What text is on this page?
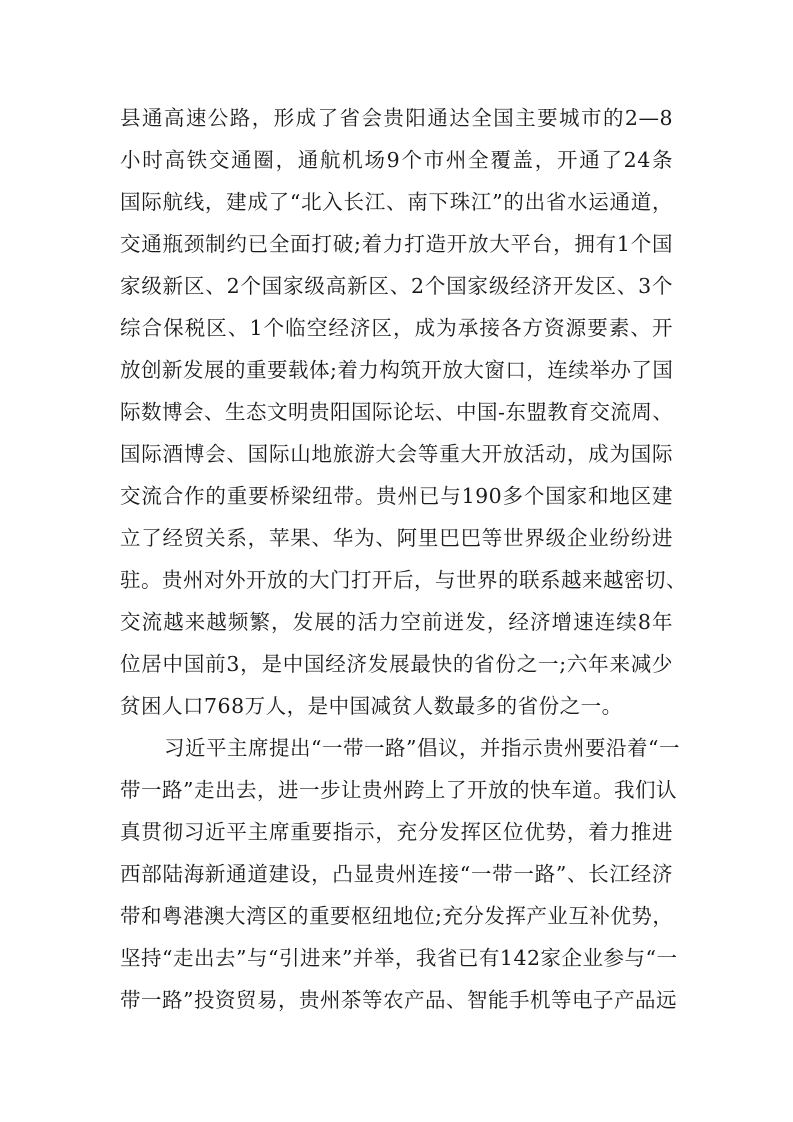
县通高速公路，形成了省会贵阳通达全国主要城市的2—8
小时高铁交通圈，通航机场9个市州全覆盖，开通了24条
国际航线，建成了“北入长江、南下珠江”的出省水运通道，
交通瓶颈制约已全面打破;着力打造开放大平台，拥有1个国
家级新区、2个国家级高新区、2个国家级经济开发区、3个
综合保税区、1个临空经济区，成为承接各方资源要素、开
放创新发展的重要载体;着力构筑开放大窗口，连续举办了国
际数博会、生态文明贵阳国际论坛、中国-东盟教育交流周、
国际酒博会、国际山地旅游大会等重大开放活动，成为国际
交流合作的重要桥梁纽带。贵州已与190多个国家和地区建
立了经贸关系，苹果、华为、阿里巴巴等世界级企业纷纷进
驻。贵州对外开放的大门打开后，与世界的联系越来越密切、
交流越来越频繁，发展的活力空前迸发，经济增速连续8年
位居中国前3，是中国经济发展最快的省份之一;六年来减少
贫困人口768万人，是中国减贫人数最多的省份之一。

习近平主席提出“一带一路”倡议，并指示贵州要沿着“一
带一路”走出去，进一步让贵州跨上了开放的快车道。我们认
真贯彻习近平主席重要指示，充分发挥区位优势，着力推进
西部陆海新通道建设，凸显贵州连接“一带一路”、长江经济
带和粤港澳大湾区的重要枢纽地位;充分发挥产业互补优势，
坚持“走出去”与“引进来”并举，我省已有142家企业参与“一
带一路”投资贸易，贵州茶等农产品、智能手机等电子产品远
